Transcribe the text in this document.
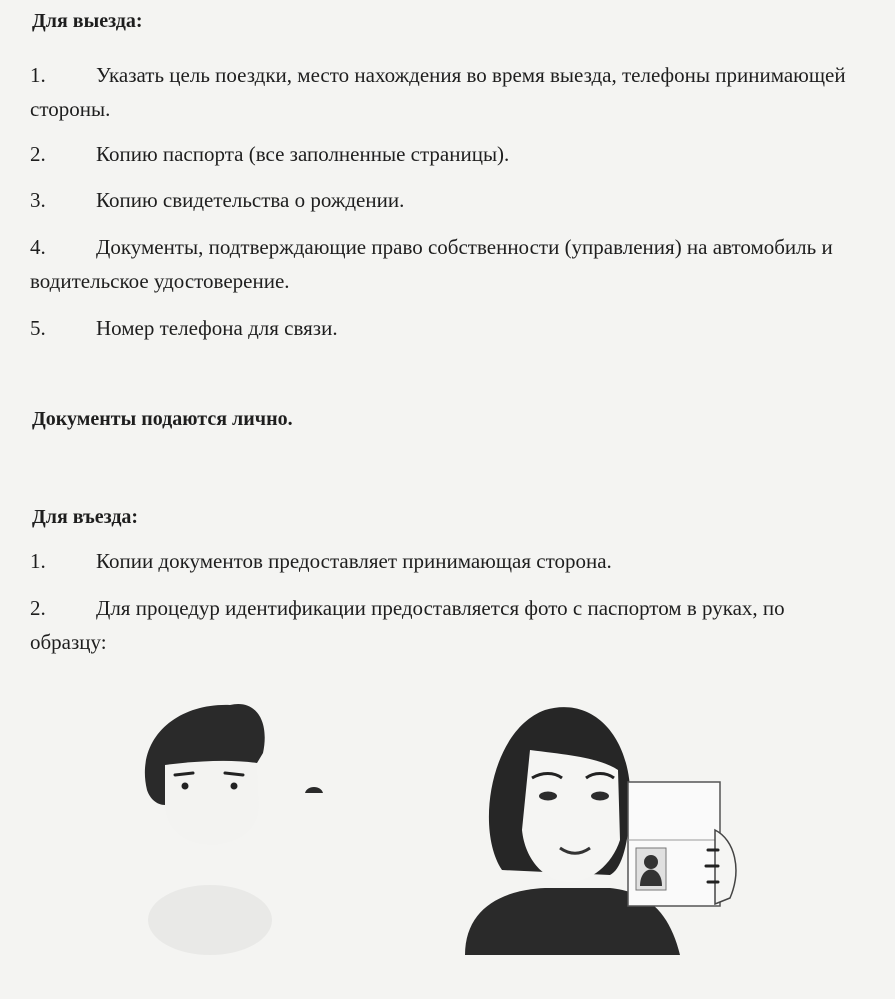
Для выезда:
1. Указать цель поездки, место нахождения во время выезда, телефоны принимающей стороны.
2. Копию паспорта (все заполненные страницы).
3. Копию свидетельства о рождении.
4. Документы, подтверждающие право собственности (управления) на автомобиль и водительское удостоверение.
5. Номер телефона для связи.
Документы подаются лично.
Для въезда:
1. Копии документов предоставляет принимающая сторона.
2. Для процедур идентификации предоставляется фото с паспортом в руках, по образцу:
